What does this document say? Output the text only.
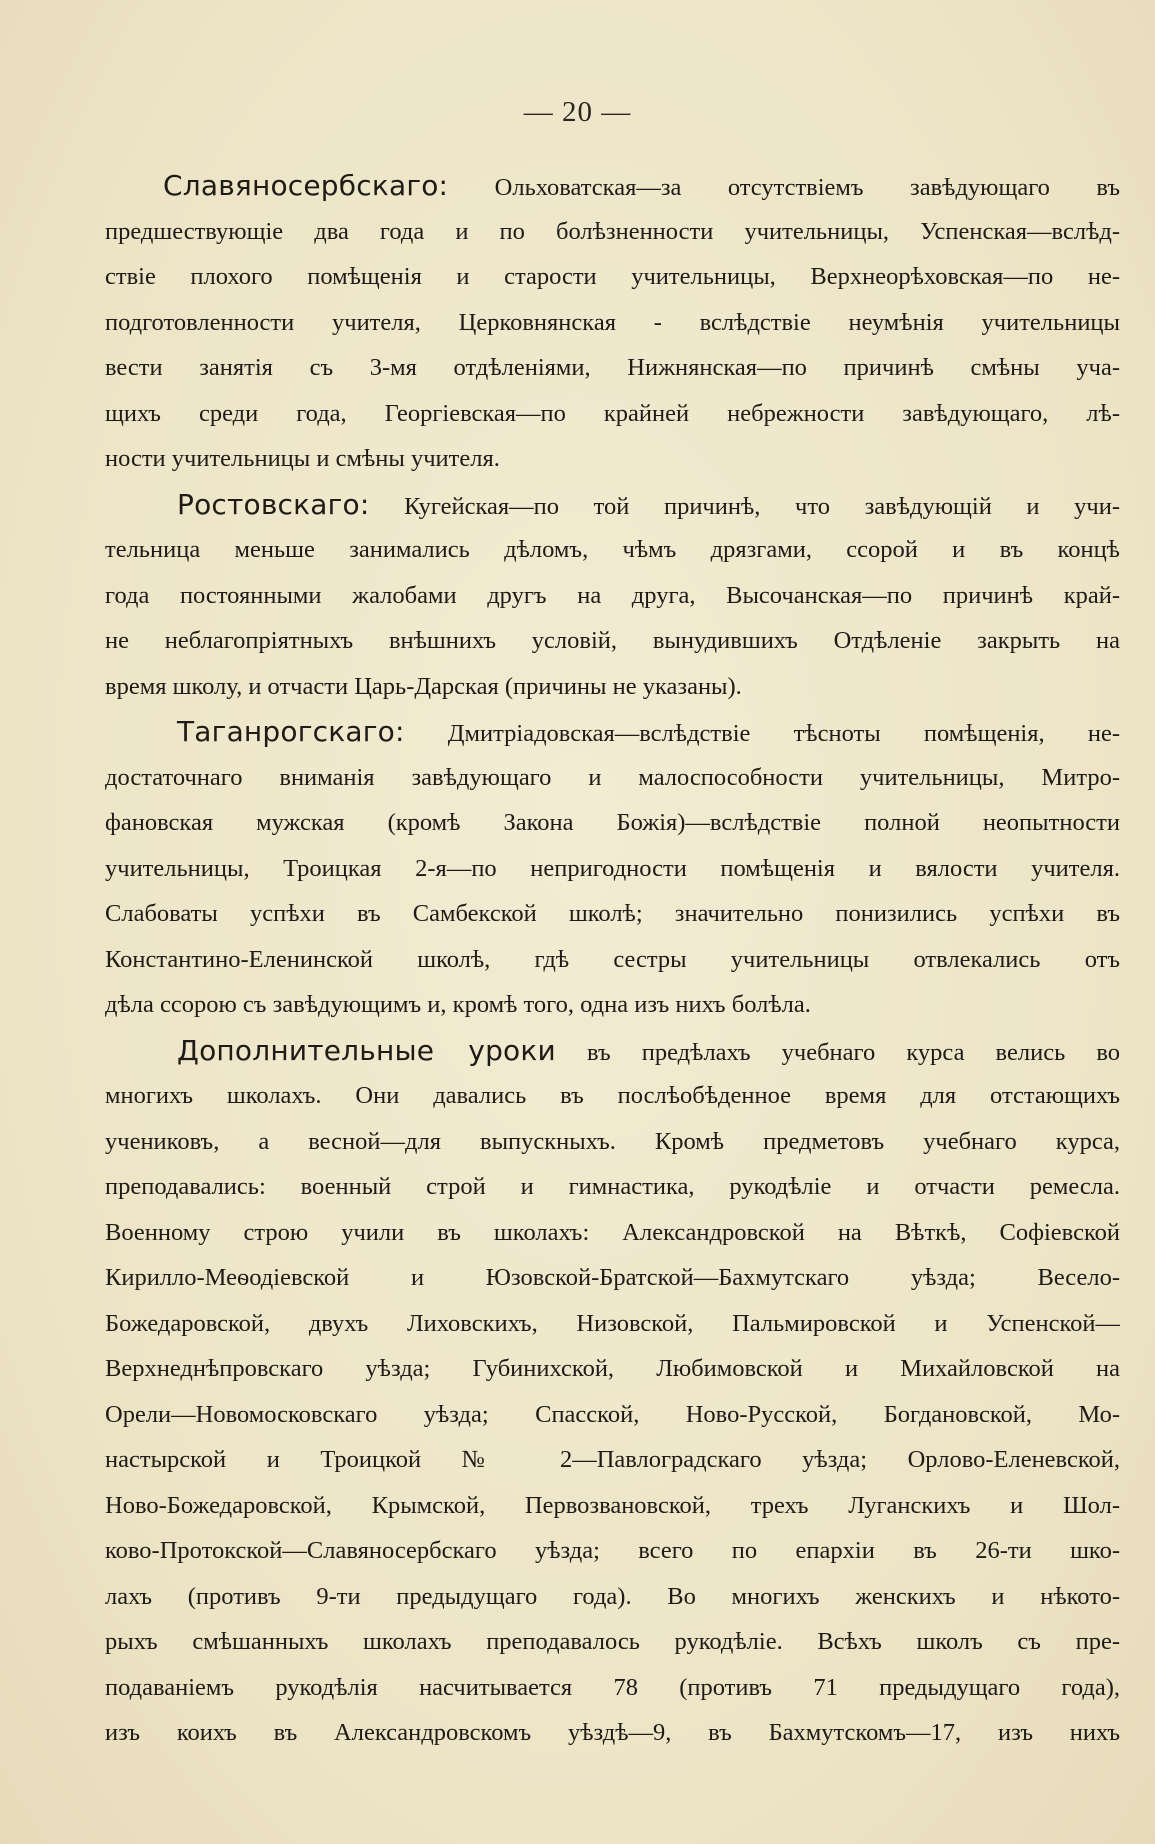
— 20 —
Славяносербскаго: Ольховатская—за отсутствіемъ завѣдующаго въ
предшествующіе два года и по болѣзненности учительницы, Успенская—вслѣд-
ствіе плохого помѣщенія и старости учительницы, Верхнеорѣховская—по не-
подготовленности учителя, Церковнянская - вслѣдствіе неумѣнія учительницы
вести занятія съ 3-мя отдѣленіями, Нижнянская—по причинѣ смѣны уча-
щихъ среди года, Георгіевская—по крайней небрежности завѣдующаго, лѣ-
ности учительницы и смѣны учителя.
Ростовскаго: Кугейская—по той причинѣ, что завѣдующій и учи-
тельница меньше занимались дѣломъ, чѣмъ дрязгами, ссорой и въ концѣ
года постоянными жалобами другъ на друга, Высочанская—по причинѣ край-
не неблагопріятныхъ внѣшнихъ условій, вынудившихъ Отдѣленіе закрыть на
время школу, и отчасти Царь-Дарская (причины не указаны).
Таганрогскаго: Дмитріадовская—вслѣдствіе тѣсноты помѣщенія, не-
достаточнаго вниманія завѣдующаго и малоспособности учительницы, Митро-
фановская мужская (кромѣ Закона Божія)—вслѣдствіе полной неопытности
учительницы, Троицкая 2-я—по непригодности помѣщенія и вялости учителя.
Слабоваты успѣхи въ Самбекской школѣ; значительно понизились успѣхи въ
Константино-Еленинской школѣ, гдѣ сестры учительницы отвлекались отъ
дѣла ссорою съ завѣдующимъ и, кромѣ того, одна изъ нихъ болѣла.
Дополнительные уроки въ предѣлахъ учебнаго курса велись во
многихъ школахъ. Они давались въ послѣобѣденное время для отстающихъ
учениковъ, а весной—для выпускныхъ. Кромѣ предметовъ учебнаго курса,
преподавались: военный строй и гимнастика, рукодѣліе и отчасти ремесла.
Военному строю учили въ школахъ: Александровской на Вѣткѣ, Софіевской
Кирилло-Меѳодіевской и Юзовской-Братской—Бахмутскаго уѣзда; Весело-
Божедаровской, двухъ Лиховскихъ, Низовской, Пальмировской и Успенской—
Верхнеднѣпровскаго уѣзда; Губинихской, Любимовской и Михайловской на
Орели—Новомосковскаго уѣзда; Спасской, Ново-Русской, Богдановской, Мо-
настырской и Троицкой № 2—Павлоградскаго уѣзда; Орлово-Еленевской,
Ново-Божедаровской, Крымской, Первозвановской, трехъ Луганскихъ и Шол-
ково-Протокской—Славяносербскаго уѣзда; всего по епархіи въ 26-ти шко-
лахъ (противъ 9-ти предыдущаго года). Во многихъ женскихъ и нѣкото-
рыхъ смѣшанныхъ школахъ преподавалось рукодѣліе. Всѣхъ школъ съ пре-
подаваніемъ рукодѣлія насчитывается 78 (противъ 71 предыдущаго года),
изъ коихъ въ Александровскомъ уѣздѣ—9, въ Бахмутскомъ—17, изъ нихъ
